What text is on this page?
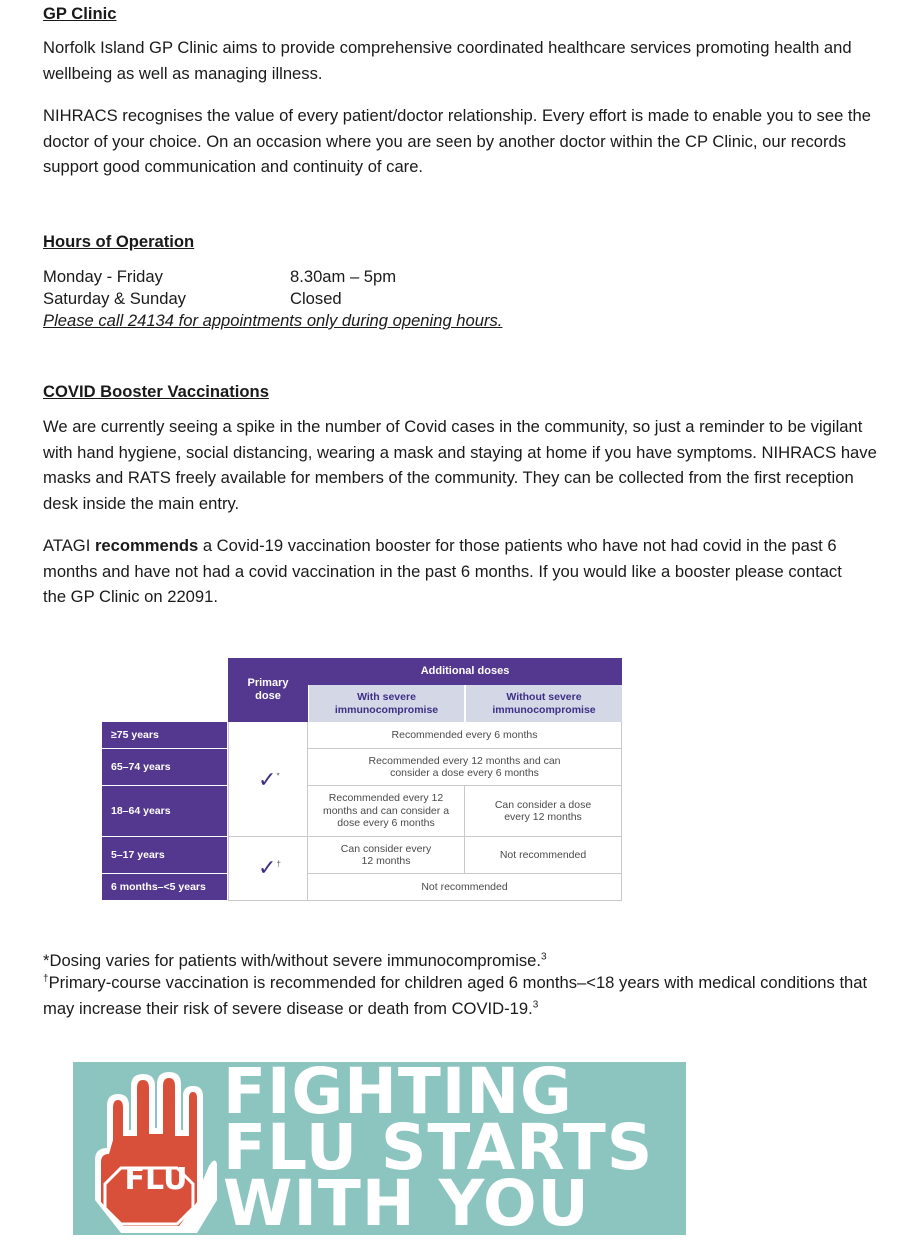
GP Clinic
Norfolk Island GP Clinic aims to provide comprehensive coordinated healthcare services promoting health and
wellbeing as well as managing illness.
NIHRACS recognises the value of every patient/doctor relationship. Every effort is made to enable you to see the
doctor of your choice. On an occasion where you are seen by another doctor within the CP Clinic, our records
support good communication and continuity of care.
Hours of Operation
Monday - Friday	8.30am – 5pm
Saturday & Sunday	Closed
Please call 24134 for appointments only during opening hours.
COVID Booster Vaccinations
We are currently seeing a spike in the number of Covid cases in the community, so just a reminder to be vigilant
with hand hygiene, social distancing, wearing a mask and staying at home if you have symptoms. NIHRACS have
masks and RATS freely available for members of the community. They can be collected from the first reception
desk inside the main entry.
ATAGI recommends a Covid-19 vaccination booster for those patients who have not had covid in the past 6
months and have not had a covid vaccination in the past 6 months. If you would like a booster please contact
the GP Clinic on 22091.
Primary dose
Additional doses
With severe immunocompromise
Without severe immunocompromise
≥75 years
65–74 years
18–64 years
5–17 years
6 months–<5 years
Recommended every 6 months
Recommended every 12 months and can consider a dose every 6 months
Recommended every 12 months and can consider a dose every 6 months
Can consider a dose every 12 months
Can consider every 12 months
Not recommended
Not recommended
✓*
✓†
*Dosing varies for patients with/without severe immunocompromise.$^3$
†Primary-course vaccination is recommended for children aged 6 months–<18 years with medical conditions that
may increase their risk of severe disease or death from COVID-19.$^3$
FLU
FIGHTING
FLU STARTS
WITH YOU
